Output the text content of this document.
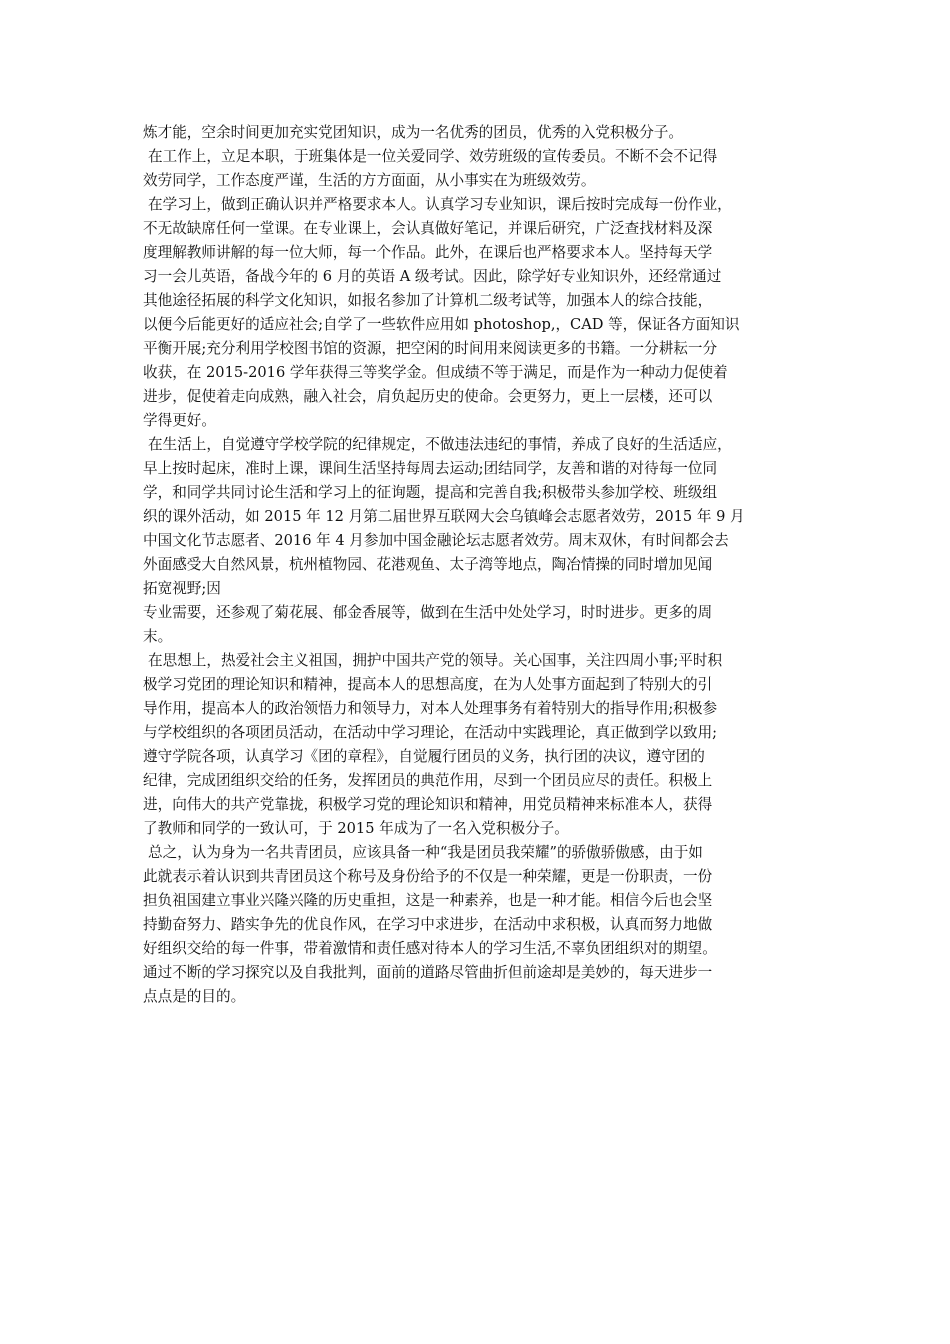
炼才能，空余时间更加充实党团知识，成为一名优秀的团员，优秀的入党积极分子。
在工作上，立足本职，于班集体是一位关爱同学、效劳班级的宣传委员。不断不会不记得
效劳同学，工作态度严谨，生活的方方面面，从小事实在为班级效劳。
在学习上，做到正确认识并严格要求本人。认真学习专业知识，课后按时完成每一份作业，
不无故缺席任何一堂课。在专业课上，会认真做好笔记，并课后研究，广泛查找材料及深
度理解教师讲解的每一位大师，每一个作品。此外，在课后也严格要求本人。坚持每天学
习一会儿英语，备战今年的 6 月的英语 A 级考试。因此，除学好专业知识外，还经常通过
其他途径拓展的科学文化知识，如报名参加了计算机二级考试等，加强本人的综合技能，
以便今后能更好的适应社会;自学了一些软件应用如 photoshop,，CAD 等，保证各方面知识
平衡开展;充分利用学校图书馆的资源，把空闲的时间用来阅读更多的书籍。一分耕耘一分
收获，在 2015-2016 学年获得三等奖学金。但成绩不等于满足，而是作为一种动力促使着
进步，促使着走向成熟，融入社会，肩负起历史的使命。会更努力，更上一层楼，还可以
学得更好。
在生活上，自觉遵守学校学院的纪律规定，不做违法违纪的事情，养成了良好的生活适应，
早上按时起床，准时上课，课间生活坚持每周去运动;团结同学，友善和谐的对待每一位同
学，和同学共同讨论生活和学习上的征询题，提高和完善自我;积极带头参加学校、班级组
织的课外活动，如 2015 年 12 月第二届世界互联网大会乌镇峰会志愿者效劳，2015 年 9 月
中国文化节志愿者、2016 年 4 月参加中国金融论坛志愿者效劳。周末双休，有时间都会去
外面感受大自然风景，杭州植物园、花港观鱼、太子湾等地点，陶冶情操的同时增加见闻
拓宽视野;因
专业需要，还参观了菊花展、郁金香展等，做到在生活中处处学习，时时进步。更多的周
末。
在思想上，热爱社会主义祖国，拥护中国共产党的领导。关心国事，关注四周小事;平时积
极学习党团的理论知识和精神，提高本人的思想高度，在为人处事方面起到了特别大的引
导作用，提高本人的政治领悟力和领导力，对本人处理事务有着特别大的指导作用;积极参
与学校组织的各项团员活动，在活动中学习理论，在活动中实践理论，真正做到学以致用;
遵守学院各项，认真学习《团的章程》，自觉履行团员的义务，执行团的决议，遵守团的
纪律，完成团组织交给的任务，发挥团员的典范作用，尽到一个团员应尽的责任。积极上
进，向伟大的共产党靠拢，积极学习党的理论知识和精神，用党员精神来标准本人，获得
了教师和同学的一致认可，于 2015 年成为了一名入党积极分子。
总之，认为身为一名共青团员，应该具备一种“我是团员我荣耀”的骄傲骄傲感，由于如
此就表示着认识到共青团员这个称号及身份给予的不仅是一种荣耀，更是一份职责，一份
担负祖国建立事业兴隆兴隆的历史重担，这是一种素养，也是一种才能。相信今后也会坚
持勤奋努力、踏实争先的优良作风，在学习中求进步，在活动中求积极，认真而努力地做
好组织交给的每一件事，带着激情和责任感对待本人的学习生活,不辜负团组织对的期望。
通过不断的学习探究以及自我批判，面前的道路尽管曲折但前途却是美妙的，每天进步一
点点是的目的。
